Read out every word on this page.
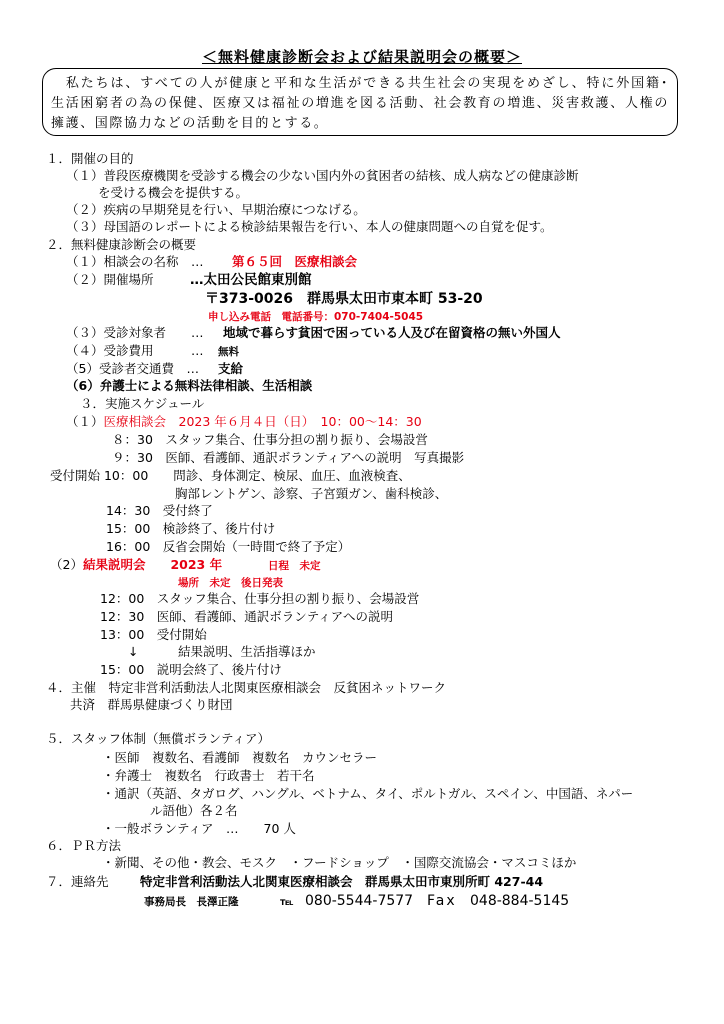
＜無料健康診断会および結果説明会の概要＞
　私たちは、すべての人が健康と平和な生活ができる共生社会の実現をめざし、特に外国籍･生活困窮者の為の保健、医療又は福祉の増進を図る活動、社会教育の増進、災害救護、人権の擁護、国際協力などの活動を目的とする。
１．開催の目的
（１）普段医療機関を受診する機会の少ない国内外の貧困者の結核、成人病などの健康診断
を受ける機会を提供する。
（２）疾病の早期発見を行い、早期治療につなげる。
（３）母国語のレポートによる検診結果報告を行い、本人の健康問題への自覚を促す。
２．無料健康診断会の概要
（１）相談会の名称　… 第６５回　医療相談会
（２）開催場所	…太田公民館東別館
〒373-0026　群馬県太田市東本町 53-20
申し込み電話　電話番号：070-7404-5045
（３）受診対象者　　… 地域で暮らす貧困で困っている人及び在留資格の無い外国人
（４）受診費用　　　… 無料
（5）受診者交通費　… 支給
（6）弁護士による無料法律相談、生活相談
３．実施スケジュール
（１）医療相談会　2023 年６月４日（日）　10：00～14：30
８：30　スタッフ集合、仕事分担の割り振り、会場設営
９：30　医師、看護師、通訳ボランティアへの説明　写真撮影
受付開始 10：00　　問診、身体測定、検尿、血圧、血液検査、
胸部レントゲン、診察、子宮頸ガン、歯科検診、
14：30　受付終了
15：00　検診終了、後片付け
16：00　反省会開始（一時間で終了予定）
（2）結果説明会　　2023 年	日程　未定
場所　未定　後日発表
12：00　スタッフ集合、仕事分担の割り振り、会場設営
12：30　医師、看護師、通訳ボランティアへの説明
13：00　受付開始
↓	結果説明、生活指導ほか
15：00　説明会終了、後片付け
４．主催　特定非営利活動法人北関東医療相談会　反貧困ネットワーク
共済　群馬県健康づくり財団
５．スタッフ体制（無償ボランティア）
・医師　複数名、看護師　複数名　カウンセラー
・弁護士　複数名　行政書士　若干名
・通訳（英語、タガログ、ハングル、ベトナム、タイ、ポルトガル、スペイン、中国語、ネパー
ル語他）各２名
・一般ボランティア　…　　70 人
６．ＰＲ方法
・新聞、その他・教会、モスク　・フードショップ　・国際交流協会・マスコミほか
７．連絡先	特定非営利活動法人北関東医療相談会　群馬県太田市東別所町 427‐44
事務局長　長澤正隆	℡ 080-5544-7577 Fax 048-884-5145
